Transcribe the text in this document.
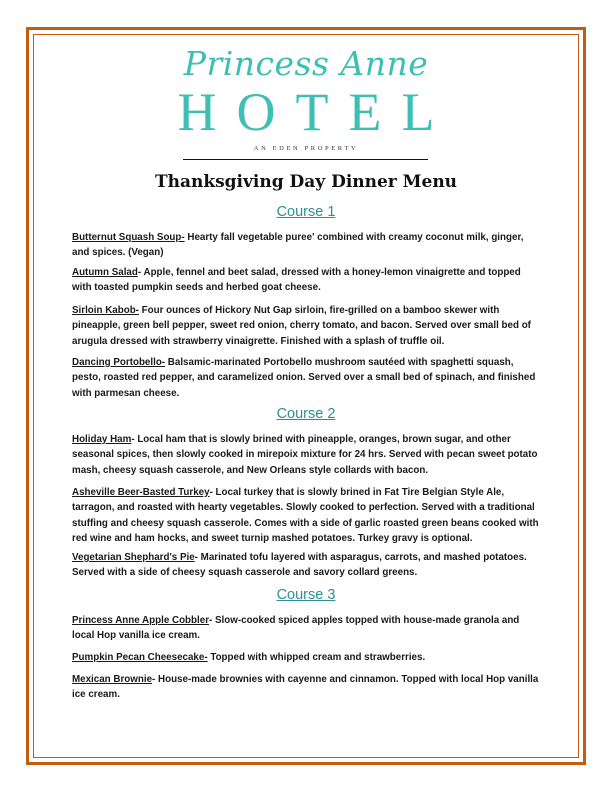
Princess Anne
HOTEL
AN EDEN PROPERTY
Thanksgiving Day Dinner Menu
Course 1
Butternut Squash Soup- Hearty fall vegetable puree' combined with creamy coconut milk, ginger, and spices. (Vegan)
Autumn Salad- Apple, fennel and beet salad, dressed with a honey-lemon vinaigrette and topped with toasted pumpkin seeds and herbed goat cheese.
Sirloin Kabob- Four ounces of Hickory Nut Gap sirloin, fire-grilled on a bamboo skewer with pineapple, green bell pepper, sweet red onion, cherry tomato, and bacon. Served over small bed of arugula dressed with strawberry vinaigrette. Finished with a splash of truffle oil.
Dancing Portobello- Balsamic-marinated Portobello mushroom sautéed with spaghetti squash, pesto, roasted red pepper, and caramelized onion. Served over a small bed of spinach, and finished with parmesan cheese.
Course 2
Holiday Ham- Local ham that is slowly brined with pineapple, oranges, brown sugar, and other seasonal spices, then slowly cooked in mirepoix mixture for 24 hrs. Served with pecan sweet potato mash, cheesy squash casserole, and New Orleans style collards with bacon.
Asheville Beer-Basted Turkey- Local turkey that is slowly brined in Fat Tire Belgian Style Ale, tarragon, and roasted with hearty vegetables. Slowly cooked to perfection. Served with a traditional stuffing and cheesy squash casserole. Comes with a side of garlic roasted green beans cooked with red wine and ham hocks, and sweet turnip mashed potatoes. Turkey gravy is optional.
Vegetarian Shephard's Pie- Marinated tofu layered with asparagus, carrots, and mashed potatoes. Served with a side of cheesy squash casserole and savory collard greens.
Course 3
Princess Anne Apple Cobbler- Slow-cooked spiced apples topped with house-made granola and local Hop vanilla ice cream.
Pumpkin Pecan Cheesecake- Topped with whipped cream and strawberries.
Mexican Brownie- House-made brownies with cayenne and cinnamon. Topped with local Hop vanilla ice cream.
